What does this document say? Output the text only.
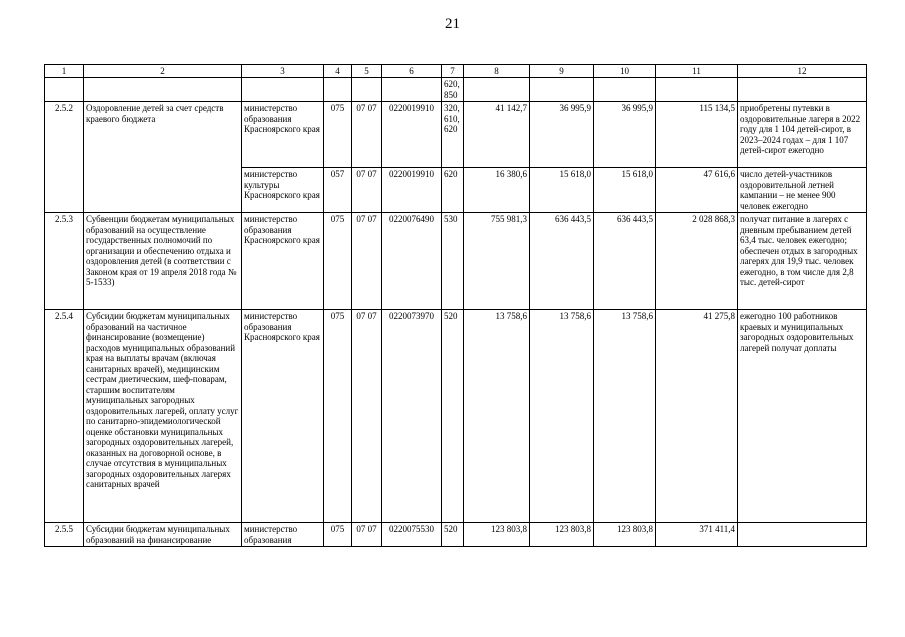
21
1	2	3	4	5	6	7	8	9	10	11	12
						620,
850					
2.5.2	Оздоровление детей за счет средств краевого бюджета	министерство образования Красноярского края	075	07 07	0220019910	320,
610,
620	41 142,7	36 995,9	36 995,9	115 134,5	приобретены путевки в оздоровительные лагеря в 2022 году для 1 104 детей-сирот, в 2023–2024 годах – для 1 107 детей-сирот ежегодно
		министерство культуры Красноярского края	057	07 07	0220019910	620	16 380,6	15 618,0	15 618,0	47 616,6	число детей-участников оздоровительной летней кампании – не менее 900 человек ежегодно
2.5.3	Субвенции бюджетам муниципальных образований на осуществление государственных полномочий по организации и обеспечению отдыха и оздоровления детей (в соответствии с Законом края от 19 апреля 2018 года № 5-1533)	министерство образования Красноярского края	075	07 07	0220076490	530	755 981,3	636 443,5	636 443,5	2 028 868,3	получат питание в лагерях с дневным пребыванием детей 63,4 тыс. человек ежегодно;
обеспечен отдых в загородных лагерях для 19,9 тыс. человек ежегодно, в том числе для 2,8 тыс. детей-сирот
2.5.4	Субсидии бюджетам муниципальных образований на частичное финансирование (возмещение) расходов муниципальных образований края на выплаты врачам (включая санитарных врачей), медицинским сестрам диетическим, шеф-поварам, старшим воспитателям муниципальных загородных оздоровительных лагерей, оплату услуг по санитарно-эпидемиологической оценке обстановки муниципальных загородных оздоровительных лагерей, оказанных на договорной основе, в случае отсутствия в муниципальных загородных оздоровительных лагерях санитарных врачей	министерство образования Красноярского края	075	07 07	0220073970	520	13 758,6	13 758,6	13 758,6	41 275,8	ежегодно 100 работников краевых и муниципальных загородных оздоровительных лагерей получат доплаты
2.5.5	Субсидии бюджетам муниципальных образований на финансирование	министерство образования	075	07 07	0220075530	520	123 803,8	123 803,8	123 803,8	371 411,4	
